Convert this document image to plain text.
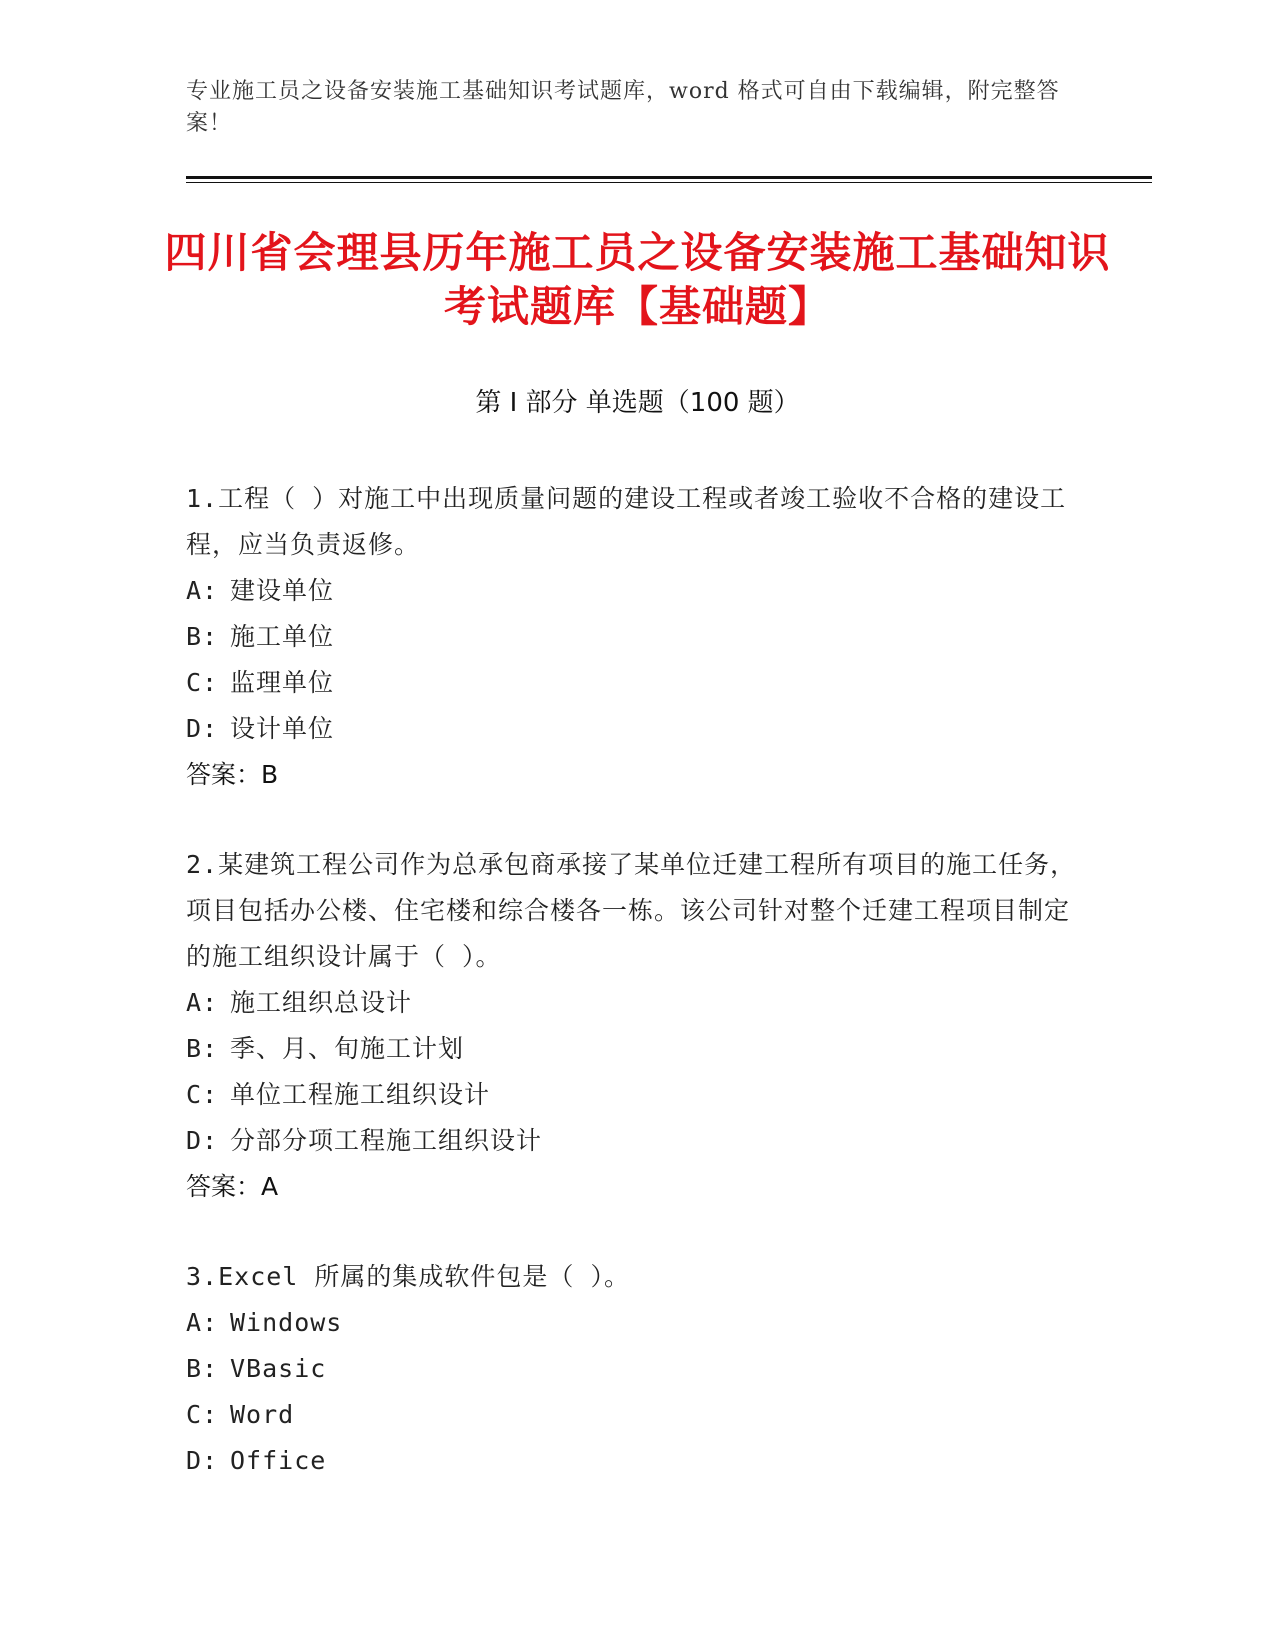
专业施工员之设备安装施工基础知识考试题库，word 格式可自由下载编辑，附完整答案！
四川省会理县历年施工员之设备安装施工基础知识考试题库【基础题】
第 I 部分 单选题（100 题）

1.工程（ ）对施工中出现质量问题的建设工程或者竣工验收不合格的建设工程，应当负责返修。

A: 建设单位
B: 施工单位
C: 监理单位
D: 设计单位
答案：B

2.某建筑工程公司作为总承包商承接了某单位迁建工程所有项目的施工任务，项目包括办公楼、住宅楼和综合楼各一栋。该公司针对整个迁建工程项目制定的施工组织设计属于（ ）。

A: 施工组织总设计
B: 季、月、旬施工计划
C: 单位工程施工组织设计
D: 分部分项工程施工组织设计
答案：A

3.Excel 所属的集成软件包是（ ）。

A: Windows
B: VBasic
C: Word
D: Office
